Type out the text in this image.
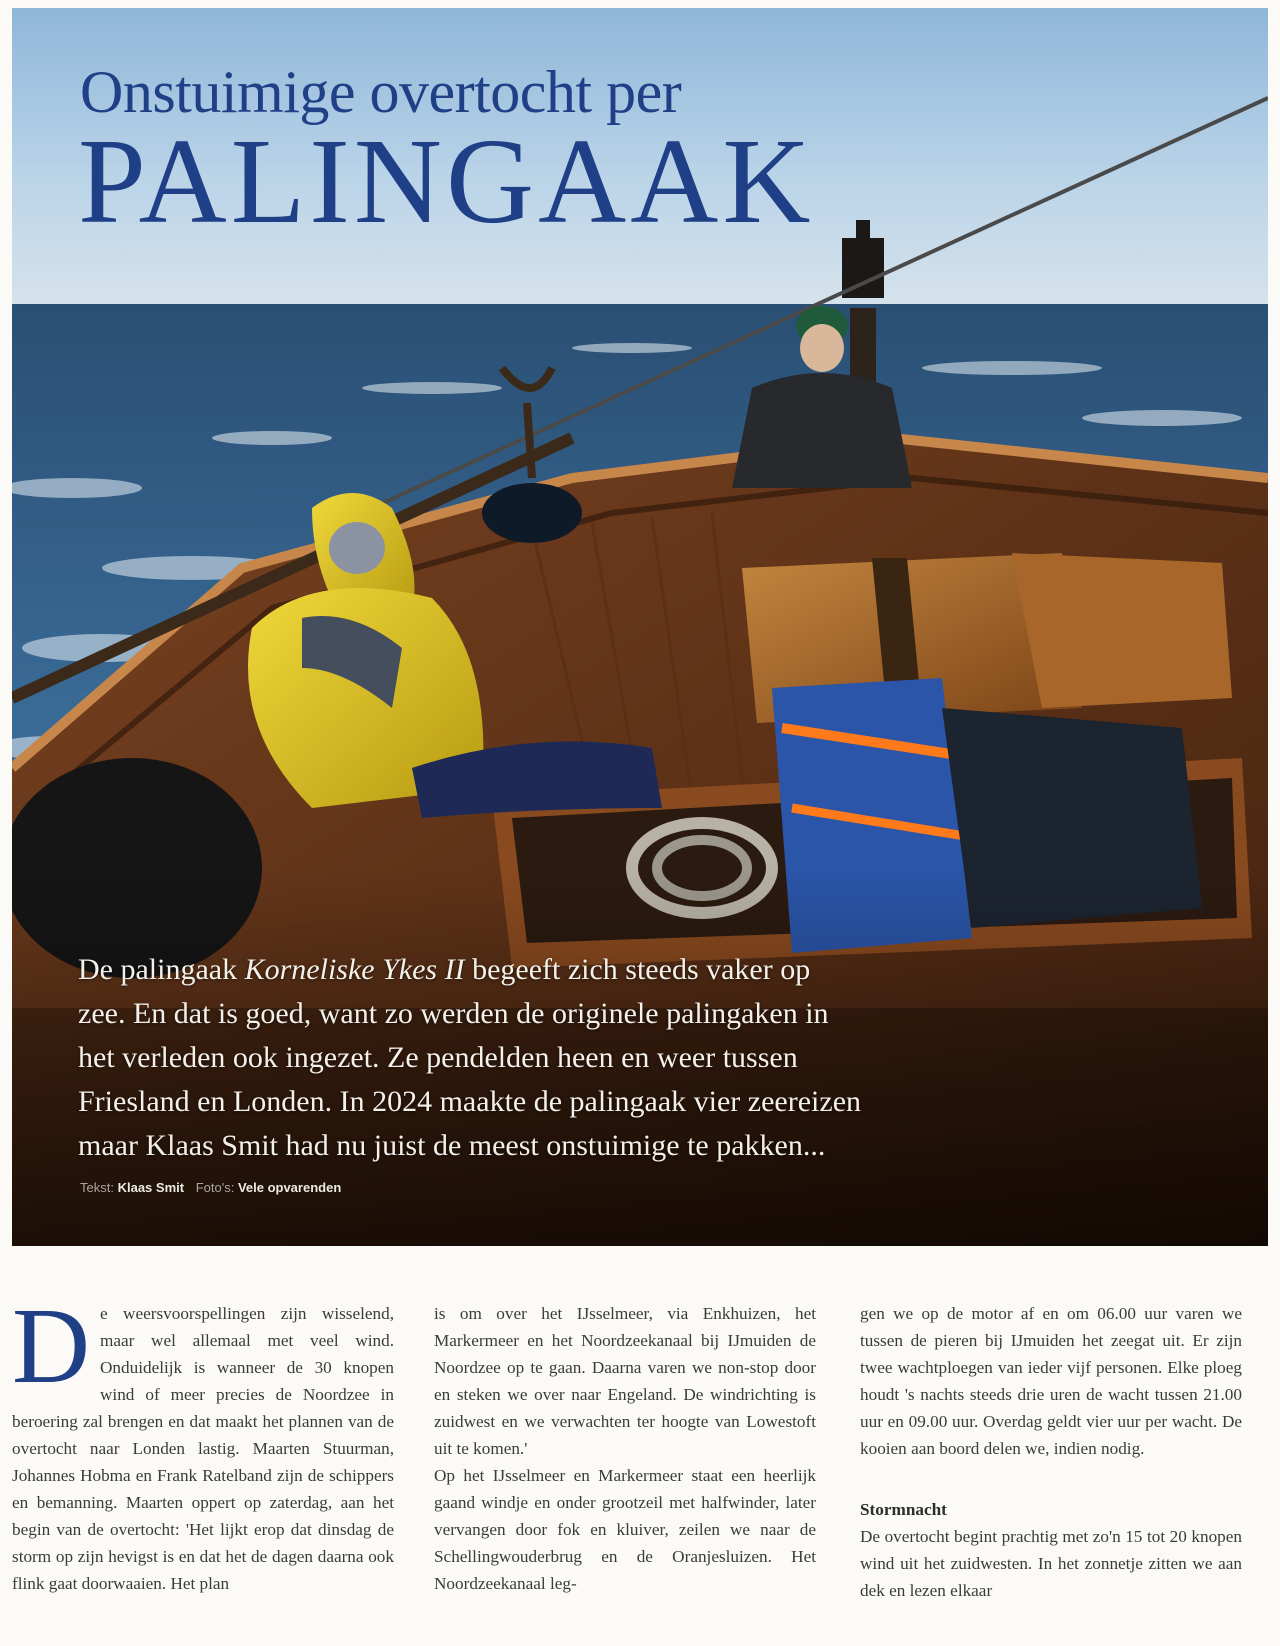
Onstuimige overtocht per
PALINGAAK

De palingaak Korneliske Ykes II begeeft zich steeds vaker op

zee. En dat is goed, want zo werden de originele palingaken in

het verleden ook ingezet. Ze pendelden heen en weer tussen

Friesland en Londen. In 2024 maakte de palingaak vier zeereizen

maar Klaas Smit had nu juist de meest onstuimige te pakken...

Tekst: Klaas Smit Foto's: Vele opvarenden
D e weersvoorspellingen zijn wisselend, maar wel allemaal met veel wind. Onduidelijk is wanneer de 30 knopen wind of meer precies de Noordzee in beroering zal brengen en dat maakt het plannen van de overtocht naar Londen lastig. Maarten Stuurman, Johannes Hobma en Frank Ratelband zijn de schippers en bemanning. Maarten oppert op zaterdag, aan het begin van de overtocht: 'Het lijkt erop dat dinsdag de storm op zijn hevigst is en dat het de dagen daarna ook flink gaat doorwaaien. Het plan

is om over het IJsselmeer, via Enkhuizen, het Markermeer en het Noordzeekanaal bij IJmuiden de Noordzee op te gaan. Daarna varen we non-stop door en steken we over naar Engeland. De windrichting is zuidwest en we verwachten ter hoogte van Lowestoft uit te komen.'

Op het IJsselmeer en Markermeer staat een heerlijk gaand windje en onder grootzeil met halfwinder, later vervangen door fok en kluiver, zeilen we naar de Schellingwouderbrug en de Oranjesluizen. Het Noordzeekanaal leg-

gen we op de motor af en om 06.00 uur varen we tussen de pieren bij IJmuiden het zeegat uit. Er zijn twee wachtploegen van ieder vijf personen. Elke ploeg houdt 's nachts steeds drie uren de wacht tussen 21.00 uur en 09.00 uur. Overdag geldt vier uur per wacht. De kooien aan boord delen we, indien nodig.

Stormnacht

De overtocht begint prachtig met zo'n 15 tot 20 knopen wind uit het zuidwesten. In het zonnetje zitten we aan dek en lezen elkaar
